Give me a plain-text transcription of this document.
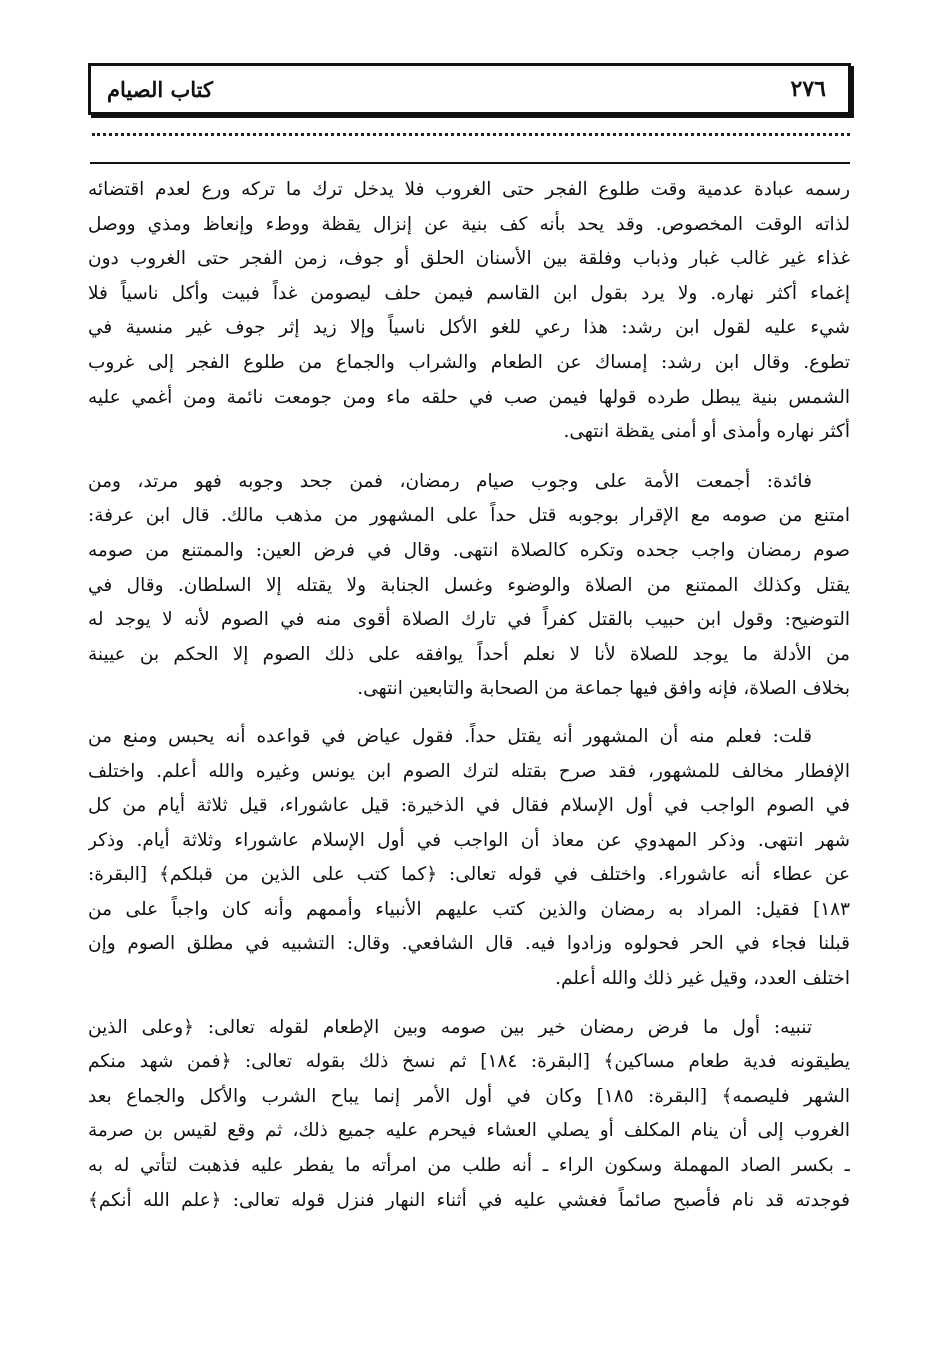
٢٧٦
كتاب الصيام
رسمه عبادة عدمية وقت طلوع الفجر حتى الغروب فلا يدخل ترك ما تركه ورع لعدم اقتضائه
لذاته الوقت المخصوص. وقد يحد بأنه كف بنية عن إنزال يقظة ووطء وإنعاظ ومذي ووصل
غذاء غير غالب غبار وذباب وفلقة بين الأسنان الحلق أو جوف، زمن الفجر حتى الغروب دون
إغماء أكثر نهاره. ولا يرد بقول ابن القاسم فيمن حلف ليصومن غداً فبيت وأكل ناسياً فلا
شيء عليه لقول ابن رشد: هذا رعي للغو الأكل ناسياً وإلا زيد إثر جوف غير منسية في
تطوع. وقال ابن رشد: إمساك عن الطعام والشراب والجماع من طلوع الفجر إلى غروب
الشمس بنية يبطل طرده قولها فيمن صب في حلقه ماء ومن جومعت نائمة ومن أغمي عليه
أكثر نهاره وأمذى أو أمنى يقظة انتهى.
فائدة: أجمعت الأمة على وجوب صيام رمضان، فمن جحد وجوبه فهو مرتد، ومن
امتنع من صومه مع الإقرار بوجوبه قتل حداً على المشهور من مذهب مالك. قال ابن عرفة:
صوم رمضان واجب جحده وتكره كالصلاة انتهى. وقال في فرض العين: والممتنع من صومه
يقتل وكذلك الممتنع من الصلاة والوضوء وغسل الجنابة ولا يقتله إلا السلطان. وقال في
التوضيح: وقول ابن حبيب بالقتل كفراً في تارك الصلاة أقوى منه في الصوم لأنه لا يوجد له
من الأدلة ما يوجد للصلاة لأنا لا نعلم أحداً يوافقه على ذلك الصوم إلا الحكم بن عيينة
بخلاف الصلاة، فإنه وافق فيها جماعة من الصحابة والتابعين انتهى.
قلت: فعلم منه أن المشهور أنه يقتل حداً. فقول عياض في قواعده أنه يحبس ومنع من
الإفطار مخالف للمشهور، فقد صرح بقتله لترك الصوم ابن يونس وغيره والله أعلم. واختلف
في الصوم الواجب في أول الإسلام فقال في الذخيرة: قيل عاشوراء، قيل ثلاثة أيام من كل
شهر انتهى. وذكر المهدوي عن معاذ أن الواجب في أول الإسلام عاشوراء وثلاثة أيام. وذكر
عن عطاء أنه عاشوراء. واختلف في قوله تعالى: ﴿كما كتب على الذين من قبلكم﴾ [البقرة:
١٨٣] فقيل: المراد به رمضان والذين كتب عليهم الأنبياء وأممهم وأنه كان واجباً على من
قبلنا فجاء في الحر فحولوه وزادوا فيه. قال الشافعي. وقال: التشبيه في مطلق الصوم وإن
اختلف العدد، وقيل غير ذلك والله أعلم.
تنبيه: أول ما فرض رمضان خير بين صومه وبين الإطعام لقوله تعالى: ﴿وعلى الذين
يطيقونه فدية طعام مساكين﴾ [البقرة: ١٨٤] ثم نسخ ذلك بقوله تعالى: ﴿فمن شهد منكم
الشهر فليصمه﴾ [البقرة: ١٨٥] وكان في أول الأمر إنما يباح الشرب والأكل والجماع بعد
الغروب إلى أن ينام المكلف أو يصلي العشاء فيحرم عليه جميع ذلك، ثم وقع لقيس بن صرمة
ـ بكسر الصاد المهملة وسكون الراء ـ أنه طلب من امرأته ما يفطر عليه فذهبت لتأتي له به
فوجدته قد نام فأصبح صائماً فغشي عليه في أثناء النهار فنزل قوله تعالى: ﴿علم الله أنكم﴾
